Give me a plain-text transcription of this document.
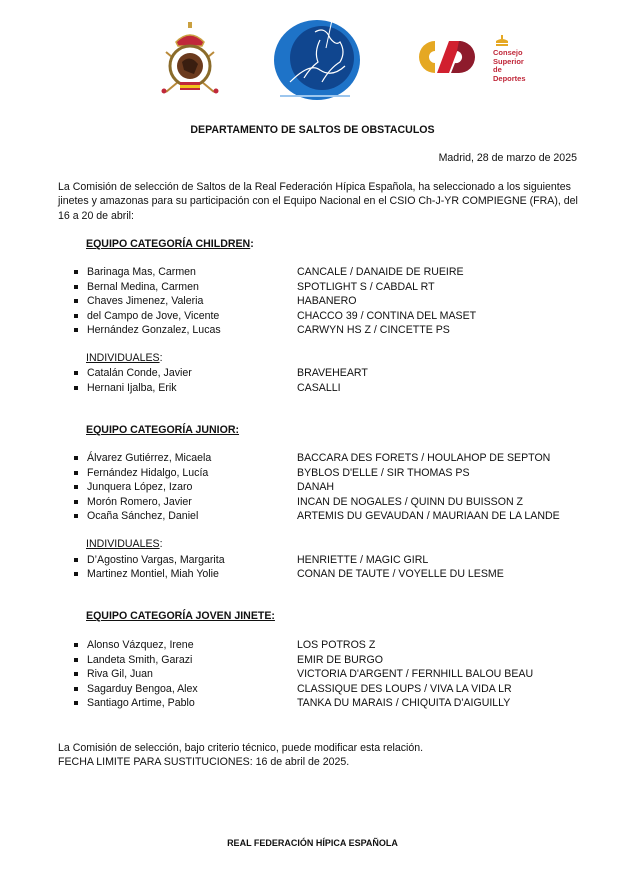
Consejo
Superior
de Deportes
DEPARTAMENTO DE SALTOS DE OBSTACULOS
Madrid, 28 de marzo de 2025
La Comisión de selección de Saltos de la Real Federación Hípica Española, ha seleccionado a los siguientes jinetes y amazonas para su participación con el Equipo Nacional en el CSIO Ch-J-YR COMPIEGNE (FRA), del 16 a 20 de abril:
EQUIPO CATEGORÍA CHILDREN:
Barinaga Mas, Carmen	CANCALE / DANAIDE DE RUEIRE
Bernal Medina, Carmen	SPOTLIGHT S / CABDAL RT
Chaves Jimenez, Valeria	HABANERO
del Campo de Jove, Vicente	CHACCO 39 / CONTINA DEL MASET
Hernández Gonzalez, Lucas	CARWYN HS Z / CINCETTE PS
INDIVIDUALES:
Catalán Conde, Javier	BRAVEHEART
Hernani Ijalba, Erik	CASALLI
EQUIPO CATEGORÍA JUNIOR:
Álvarez Gutiérrez, Micaela	BACCARA DES FORETS / HOULAHOP DE SEPTON
Fernández Hidalgo, Lucía	BYBLOS D'ELLE / SIR THOMAS PS
Junquera López, Izaro	DANAH
Morón Romero, Javier	INCAN DE NOGALES / QUINN DU BUISSON Z
Ocaña Sánchez, Daniel	ARTEMIS DU GEVAUDAN / MAURIAAN DE LA LANDE
INDIVIDUALES:
D’Agostino Vargas, Margarita	HENRIETTE / MAGIC GIRL
Martinez Montiel, Miah Yolie	CONAN DE TAUTE / VOYELLE DU LESME
EQUIPO CATEGORÍA JOVEN JINETE:
Alonso Vázquez, Irene	LOS POTROS Z
Landeta Smith, Garazi	EMIR DE BURGO
Riva Gil, Juan	VICTORIA D'ARGENT / FERNHILL BALOU BEAU
Sagarduy Bengoa, Alex	CLASSIQUE DES LOUPS / VIVA LA VIDA LR
Santiago Artime, Pablo	TANKA DU MARAIS / CHIQUITA D'AIGUILLY
La Comisión de selección, bajo criterio técnico, puede modificar esta relación.
FECHA LIMITE PARA SUSTITUCIONES: 16 de abril de 2025.
REAL FEDERACIÓN HÍPICA ESPAÑOLA
